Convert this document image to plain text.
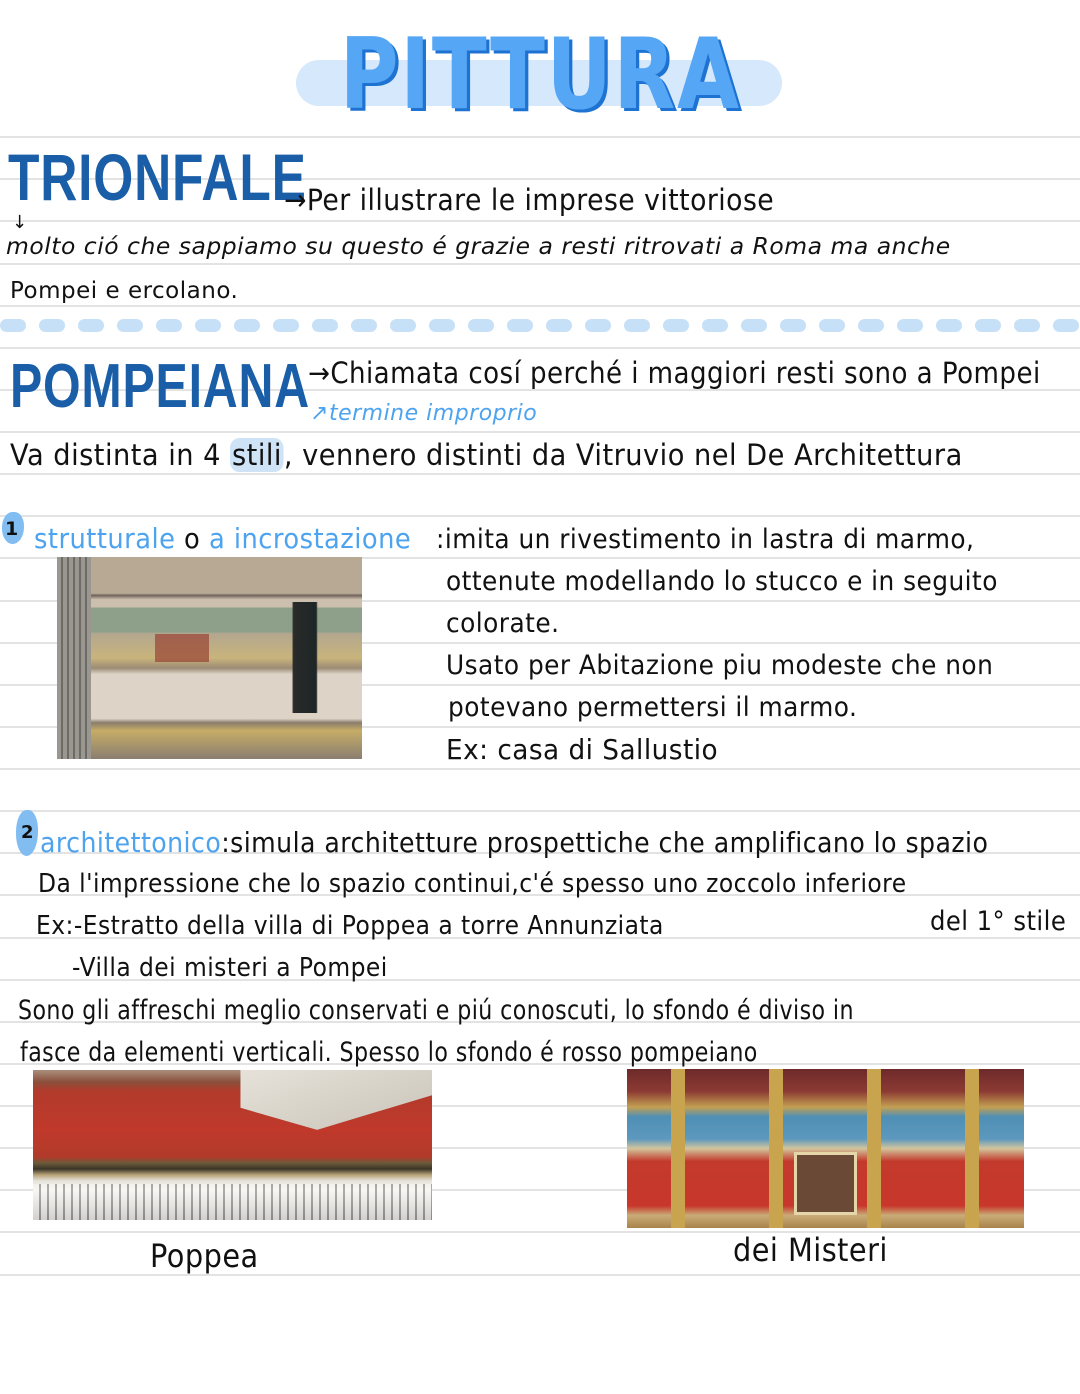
PITTURA
TRIONFALE
→Per illustrare le imprese vittoriose
↓
molto ció che sappiamo su questo é grazie a resti ritrovati a Roma ma anche
Pompei e ercolano.
POMPEIANA
→Chiamata cosí perché i maggiori resti sono a Pompei
↗termine improprio
Va distinta in 4 stili, vennero distinti da Vitruvio nel De Architettura
1 strutturale o a incrostazione :imita un rivestimento in lastra di marmo,
ottenute modellando lo stucco e in seguito
colorate.
Usato per Abitazione piu modeste che non
potevano permettersi il marmo.
Ex: casa di Sallustio
2 architettonico:simula architetture prospettiche che amplificano lo spazio
Da l'impressione che lo spazio continui,c'é spesso uno zoccolo inferiore
Ex:-Estratto della villa di Poppea a torre Annunziata	del 1° stile
-Villa dei misteri a Pompei
Sono gli affreschi meglio conservati e piú conoscuti, lo sfondo é diviso in
fasce da elementi verticali. Spesso lo sfondo é rosso pompeiano
Poppea	dei Misteri
